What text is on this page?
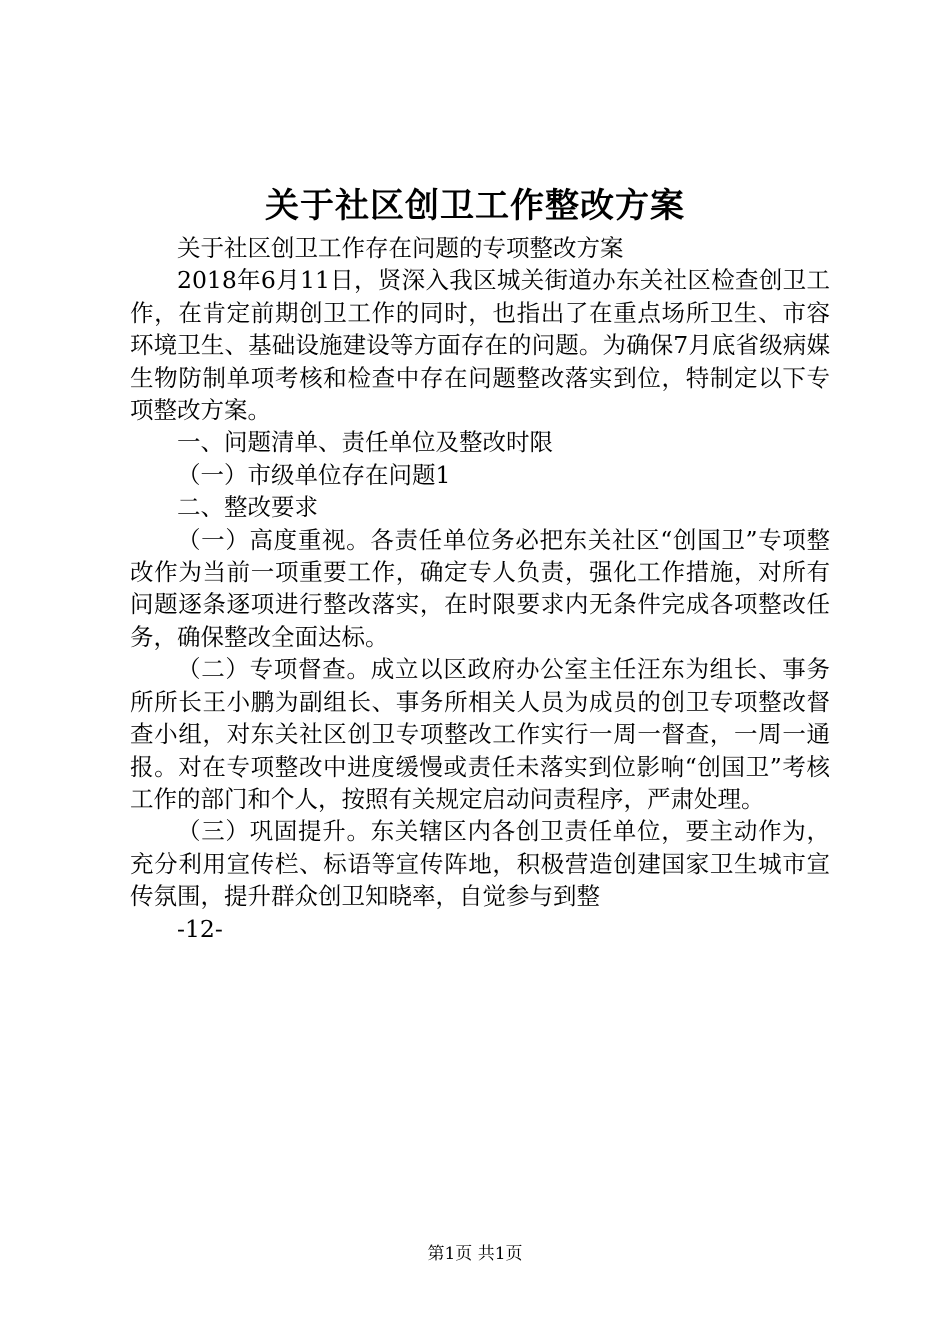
关于社区创卫工作整改方案

关于社区创卫工作存在问题的专项整改方案

2018年6月11日，贤深入我区城关街道办东关社区检查创卫工作，在肯定前期创卫工作的同时，也指出了在重点场所卫生、市容环境卫生、基础设施建设等方面存在的问题。为确保7月底省级病媒生物防制单项考核和检查中存在问题整改落实到位，特制定以下专项整改方案。

一、问题清单、责任单位及整改时限

（一）市级单位存在问题1

二、整改要求

（一）高度重视。各责任单位务必把东关社区“创国卫”专项整改作为当前一项重要工作，确定专人负责，强化工作措施，对所有问题逐条逐项进行整改落实，在时限要求内无条件完成各项整改任务，确保整改全面达标。

（二）专项督查。成立以区政府办公室主任汪东为组长、事务所所长王小鹏为副组长、事务所相关人员为成员的创卫专项整改督查小组，对东关社区创卫专项整改工作实行一周一督查，一周一通报。对在专项整改中进度缓慢或责任未落实到位影响“创国卫”考核工作的部门和个人，按照有关规定启动问责程序，严肃处理。

（三）巩固提升。东关辖区内各创卫责任单位，要主动作为，充分利用宣传栏、标语等宣传阵地，积极营造创建国家卫生城市宣传氛围，提升群众创卫知晓率，自觉参与到整

-12-

第1页 共1页
